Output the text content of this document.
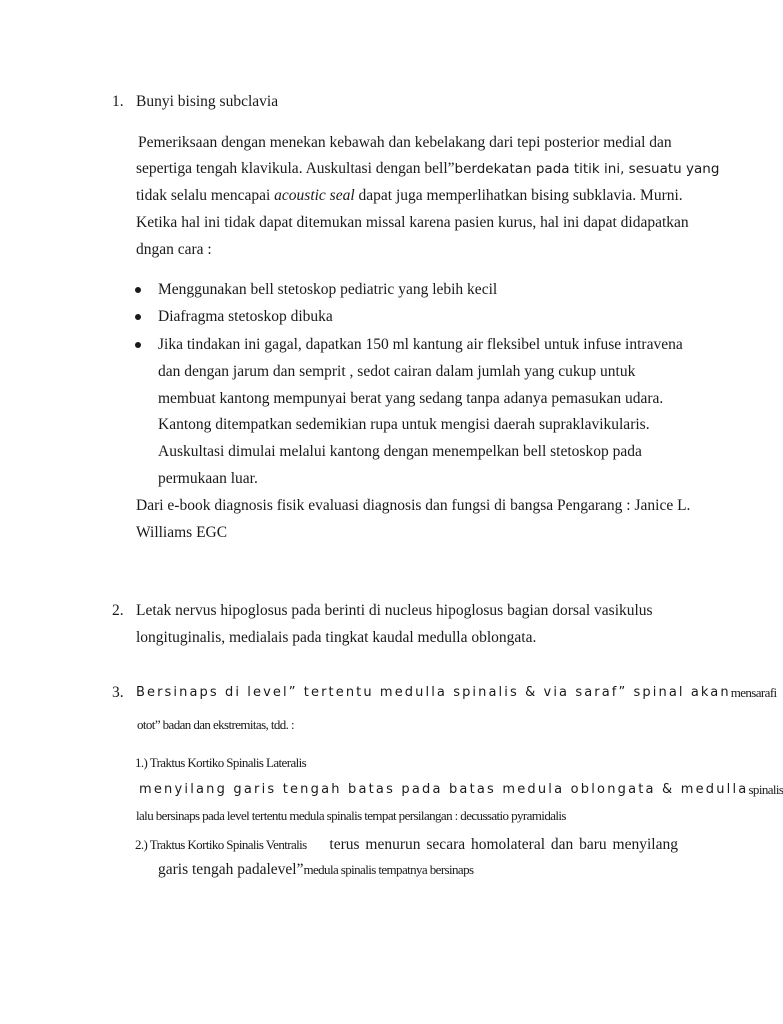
1. Bunyi bising subclavia
Pemeriksaan dengan menekan kebawah dan kebelakang dari tepi posterior medial dan
sepertiga tengah klavikula. Auskultasi dengan bell”berdekatan pada titik ini, sesuatu yang
tidak selalu mencapai acoustic seal dapat juga memperlihatkan bising subklavia. Murni.
Ketika hal ini tidak dapat ditemukan missal karena pasien kurus, hal ini dapat didapatkan
dngan cara :
Menggunakan bell stetoskop pediatric yang lebih kecil
Diafragma stetoskop dibuka
Jika tindakan ini gagal, dapatkan 150 ml kantung air fleksibel untuk infuse intravena
dan dengan jarum dan semprit , sedot cairan dalam jumlah yang cukup untuk
membuat kantong mempunyai berat yang sedang tanpa adanya pemasukan udara.
Kantong ditempatkan sedemikian rupa untuk mengisi daerah supraklavikularis.
Auskultasi dimulai melalui kantong dengan menempelkan bell stetoskop pada
permukaan luar.
Dari e-book diagnosis fisik evaluasi diagnosis dan fungsi di bangsa Pengarang : Janice L.
Williams EGC
2. Letak nervus hipoglosus pada berinti di nucleus hipoglosus bagian dorsal vasikulus
longituginalis, medialais pada tingkat kaudal medulla oblongata.
3. Bersinaps di level” tertentu medulla spinalis & via saraf” spinal akan mensarafi
otot” badan dan ekstremitas, tdd. :
1.) Traktus Kortiko Spinalis Lateralis
menyilang garis tengah batas pada batas medula oblongata & medulla spinalis
lalu bersinaps pada level tertentu medula spinalis tempat persilangan : decussatio pyramidalis
2.) Traktus Kortiko Spinalis Ventralis terus menurun secara homolateral dan baru menyilang
garis tengah padalevel”medula spinalis tempatnya bersinaps
